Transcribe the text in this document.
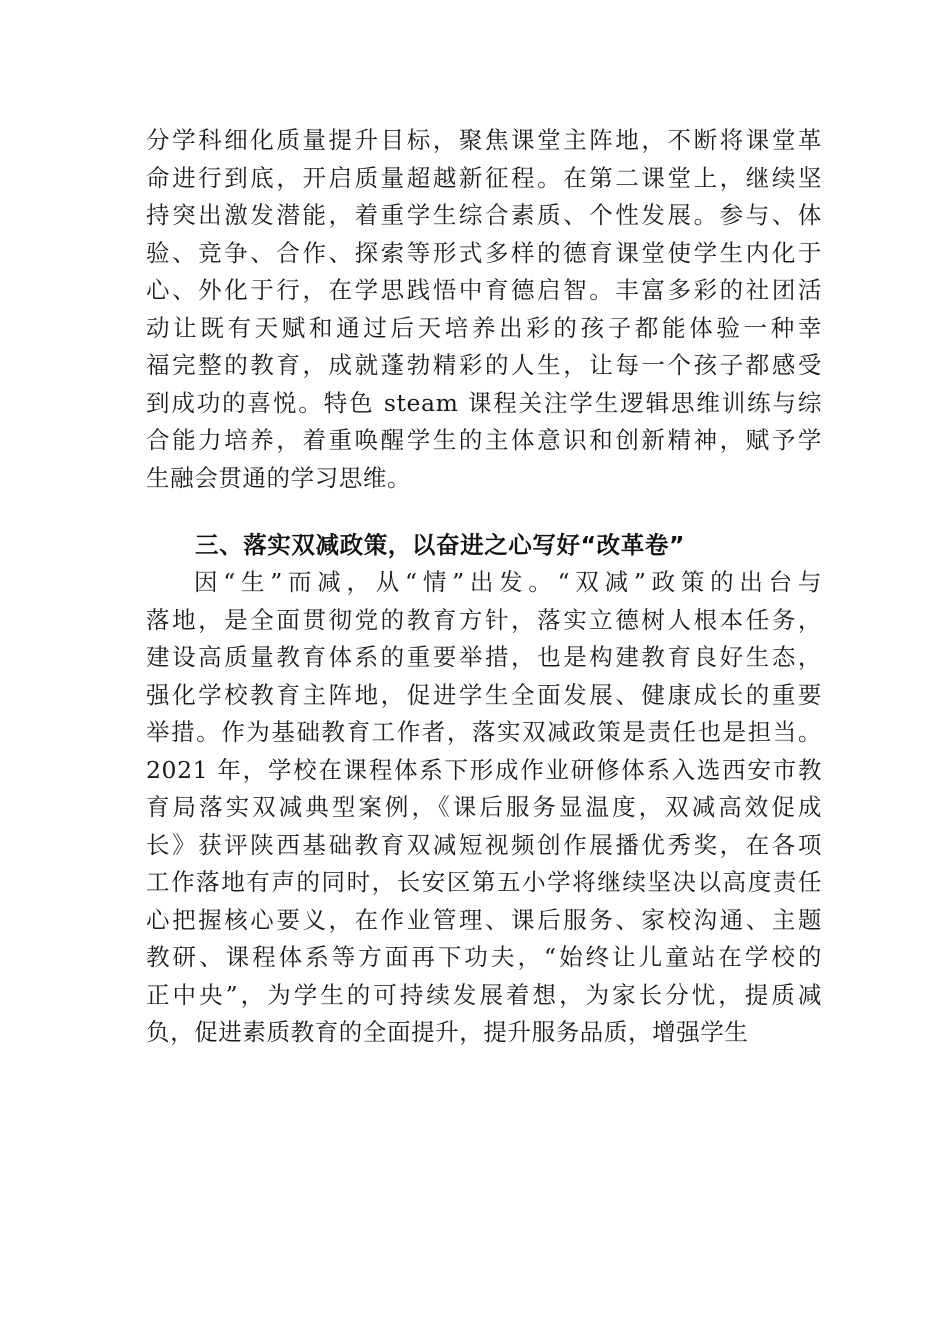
分学科细化质量提升目标，聚焦课堂主阵地，不断将课堂革
命进行到底，开启质量超越新征程。在第二课堂上，继续坚
持突出激发潜能，着重学生综合素质、个性发展。参与、体
验、竞争、合作、探索等形式多样的德育课堂使学生内化于
心、外化于行，在学思践悟中育德启智。丰富多彩的社团活
动让既有天赋和通过后天培养出彩的孩子都能体验一种幸
福完整的教育，成就蓬勃精彩的人生，让每一个孩子都感受
到成功的喜悦。特色 steam 课程关注学生逻辑思维训练与综
合能力培养，着重唤醒学生的主体意识和创新精神，赋予学
生融会贯通的学习思维。
三、落实双减政策，以奋进之心写好“改革卷”
因“生”而减，从“情”出发。“双减”政策的出台与
落地，是全面贯彻党的教育方针，落实立德树人根本任务，
建设高质量教育体系的重要举措，也是构建教育良好生态，
强化学校教育主阵地，促进学生全面发展、健康成长的重要
举措。作为基础教育工作者，落实双减政策是责任也是担当。
2021 年，学校在课程体系下形成作业研修体系入选西安市教
育局落实双减典型案例，《课后服务显温度，双减高效促成
长》获评陕西基础教育双减短视频创作展播优秀奖，在各项
工作落地有声的同时，长安区第五小学将继续坚决以高度责任
心把握核心要义，在作业管理、课后服务、家校沟通、主题
教研、课程体系等方面再下功夫，“始终让儿童站在学校的
正中央”，为学生的可持续发展着想，为家长分忧，提质减
负，促进素质教育的全面提升，提升服务品质，增强学生
